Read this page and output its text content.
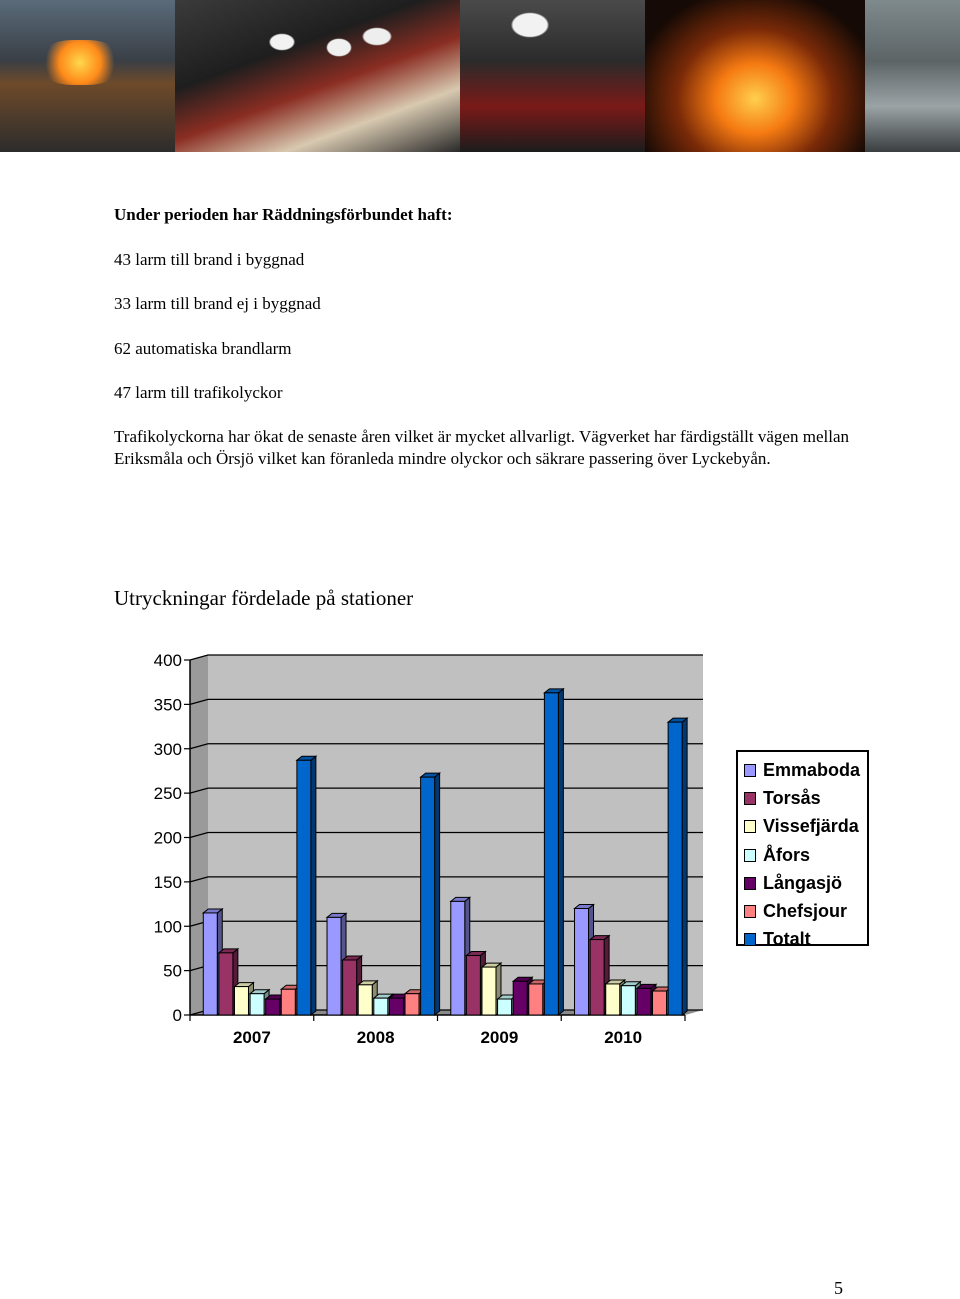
Under perioden har Räddningsförbundet haft:

43 larm till brand i byggnad

33 larm till brand ej i byggnad

62 automatiska brandlarm

47 larm till trafikolyckor

Trafikolyckorna har ökat de senaste åren vilket är mycket allvarligt. Vägverket har färdigställt vägen mellan Eriksmåla och Örsjö vilket kan föranleda mindre olyckor och säkrare passering över Lyckebyån.

Utryckningar fördelade på stationer

0
50
100
150
200
250
300
350
400
2007	2008	2009	2010
Emmaboda
Torsås
Vissefjärda
Åfors
Långasjö
Chefsjour
Totalt

5
